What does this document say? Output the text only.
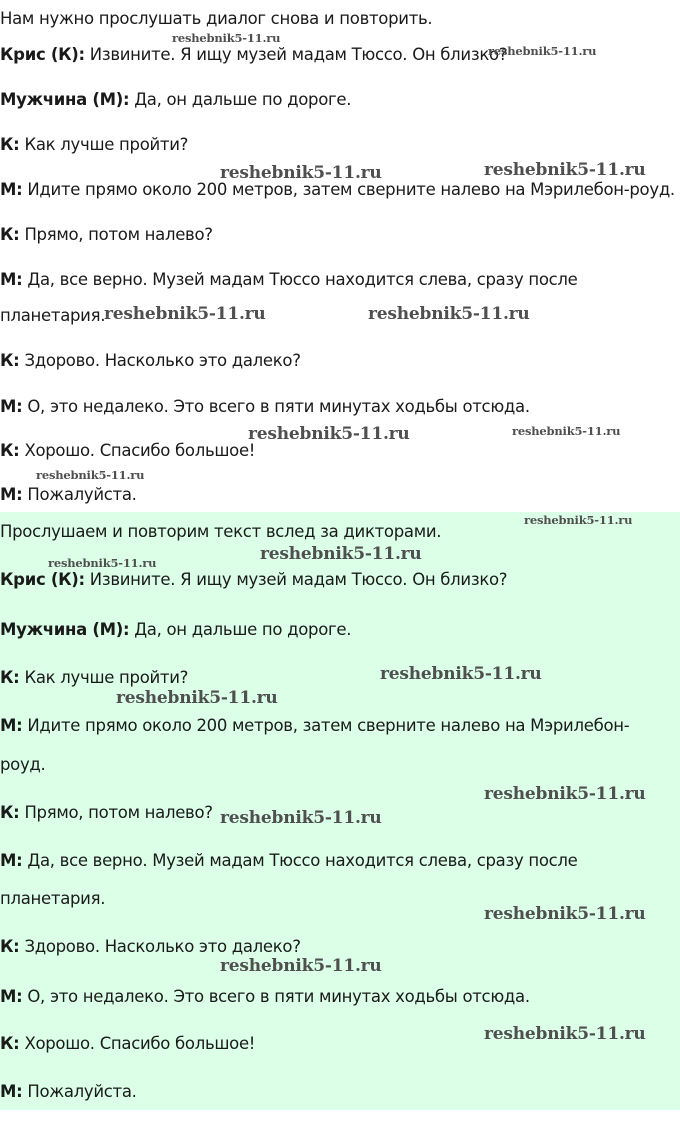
Нам нужно прослушать диалог снова и повторить.

Крис (К): Извините. Я ищу музей мадам Тюссо. Он близко?

Мужчина (М): Да, он дальше по дороге.

К: Как лучше пройти?

М: Идите прямо около 200 метров, затем сверните налево на Мэрилебон-роуд.

К: Прямо, потом налево?

М: Да, все верно. Музей мадам Тюссо находится слева, сразу после

планетария.

К: Здорово. Насколько это далеко?

М: О, это недалеко. Это всего в пяти минутах ходьбы отсюда.

К: Хорошо. Спасибо большое!

М: Пожалуйста.

Прослушаем и повторим текст вслед за дикторами.

Крис (К): Извините. Я ищу музей мадам Тюссо. Он близко?

Мужчина (М): Да, он дальше по дороге.

К: Как лучше пройти?

М: Идите прямо около 200 метров, затем сверните налево на Мэрилебон-

роуд.

К: Прямо, потом налево?

М: Да, все верно. Музей мадам Тюссо находится слева, сразу после

планетария.

К: Здорово. Насколько это далеко?

М: О, это недалеко. Это всего в пяти минутах ходьбы отсюда.

К: Хорошо. Спасибо большое!

М: Пожалуйста.

reshebnik5-11.ru
reshebnik5-11.ru
reshebnik5-11.ru	reshebnik5-11.ru
reshebnik5-11.ru	reshebnik5-11.ru
reshebnik5-11.ru	reshebnik5-11.ru
reshebnik5-11.ru
reshebnik5-11.ru
reshebnik5-11.ru	reshebnik5-11.ru
reshebnik5-11.ru
reshebnik5-11.ru
reshebnik5-11.ru
reshebnik5-11.ru
reshebnik5-11.ru
reshebnik5-11.ru
reshebnik5-11.ru
